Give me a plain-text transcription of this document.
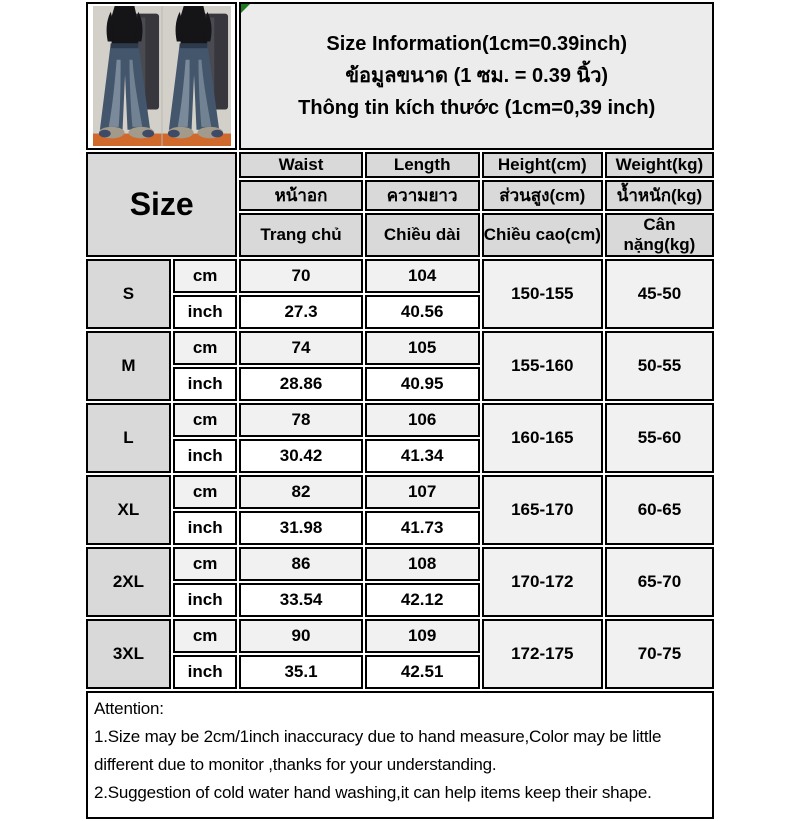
Size Information(1cm=0.39inch)
ข้อมูลขนาด (1 ซม. = 0.39 นิ้ว)
Thông tin kích thước (1cm=0,39 inch)			

Size		Waist	Length	Height(cm)	Weight(kg)
		หน้าอก	ความยาว	ส่วนสูง(cm)	น้ำหนัก(kg)
		Trang chủ	Chiều dài	Chiều cao(cm)	Cân nặng(kg)
S	cm	70	104	150-155	45-50
	inch	27.3	40.56		
M	cm	74	105	155-160	50-55
	inch	28.86	40.95		
L	cm	78	106	160-165	55-60
	inch	30.42	41.34		
XL	cm	82	107	165-170	60-65
	inch	31.98	41.73		
2XL	cm	86	108	170-172	65-70
	inch	33.54	42.12		
3XL	cm	90	109	172-175	70-75
	inch	35.1	42.51		

Attention:
1.Size may be 2cm/1inch inaccuracy due to hand measure,Color may be little different due to monitor ,thanks for your understanding.
2.Suggestion of cold water hand washing,it can help items keep their shape.					
